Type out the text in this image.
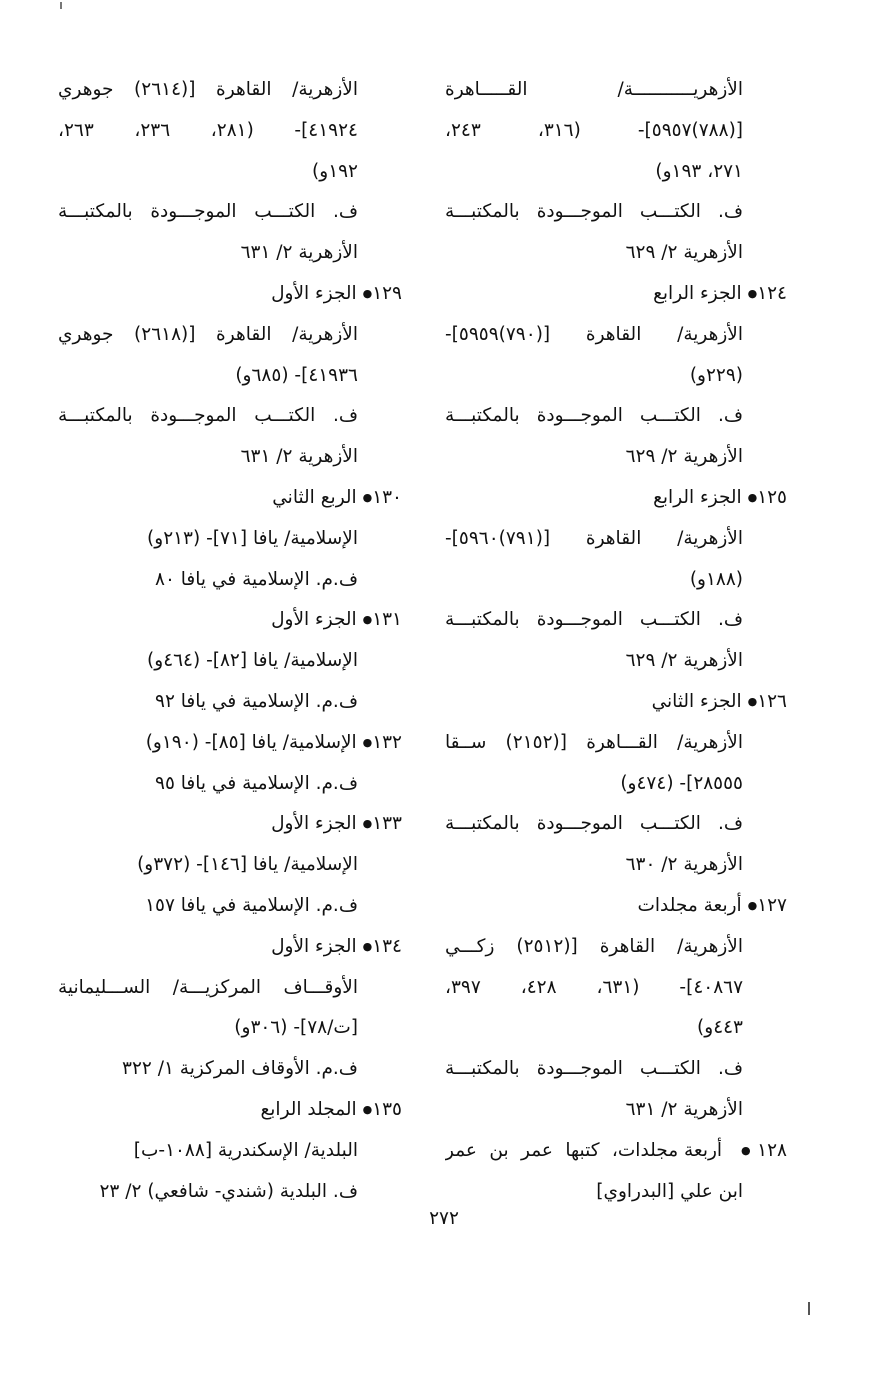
الأزهريـــــــــــة/ القـــــاهرة
[(٧٨٨)٥٩٥٧]- (٣١٦، ٢٤٣،
٢٧١، ١٩٣و)
ف. الكتـــب الموجـــودة بالمكتبـــة
الأزهرية ٢/ ٦٢٩
١٢٤● الجزء الرابع
الأزهرية/ القاهرة [(٧٩٠)٥٩٥٩]-
(٢٢٩و)
ف. الكتـــب الموجـــودة بالمكتبـــة
الأزهرية ٢/ ٦٢٩
١٢٥● الجزء الرابع
الأزهرية/ القاهرة [(٧٩١)٥٩٦٠]-
(١٨٨و)
ف. الكتـــب الموجـــودة بالمكتبـــة
الأزهرية ٢/ ٦٢٩
١٢٦● الجزء الثاني
الأزهرية/ القـــاهرة [(٢١٥٢) ســقا
٢٨٥٥٥]- (٤٧٤و)
ف. الكتـــب الموجـــودة بالمكتبـــة
الأزهرية ٢/ ٦٣٠
١٢٧● أربعة مجلدات
الأزهرية/ القاهرة [(٢٥١٢) زكـــي
٤٠٨٦٧]- (٦٣١، ٤٢٨، ٣٩٧،
٤٤٣و)
ف. الكتـــب الموجـــودة بالمكتبـــة
الأزهرية ٢/ ٦٣١
١٢٨● أربعة مجلدات، كتبها عمر بن عمر
ابن علي [البدراوي]
الأزهرية/ القاهرة [(٢٦١٤) جوهري
٤١٩٢٤]- (٢٨١، ٢٣٦، ٢٦٣،
١٩٢و)
ف. الكتـــب الموجـــودة بالمكتبـــة
الأزهرية ٢/ ٦٣١
١٢٩● الجزء الأول
الأزهرية/ القاهرة [(٢٦١٨) جوهري
٤١٩٣٦]- (٦٨٥و)
ف. الكتـــب الموجـــودة بالمكتبـــة
الأزهرية ٢/ ٦٣١
١٣٠● الربع الثاني
الإسلامية/ يافا [٧١]- (٢١٣و)
ف.م. الإسلامية في يافا ٨٠
١٣١● الجزء الأول
الإسلامية/ يافا [٨٢]- (٤٦٤و)
ف.م. الإسلامية في يافا ٩٢
١٣٢● الإسلامية/ يافا [٨٥]- (١٩٠و)
ف.م. الإسلامية في يافا ٩٥
١٣٣● الجزء الأول
الإسلامية/ يافا [١٤٦]- (٣٧٢و)
ف.م. الإسلامية في يافا ١٥٧
١٣٤● الجزء الأول
الأوقـــاف المركزيـــة/ الســـليمانية
[ت/٧٨]- (٣٠٦و)
ف.م. الأوقاف المركزية ١/ ٣٢٢
١٣٥● المجلد الرابع
البلدية/ الإسكندرية [١٠٨٨-ب]
ف. البلدية (شندي- شافعي) ٢/ ٢٣
٢٧٢
